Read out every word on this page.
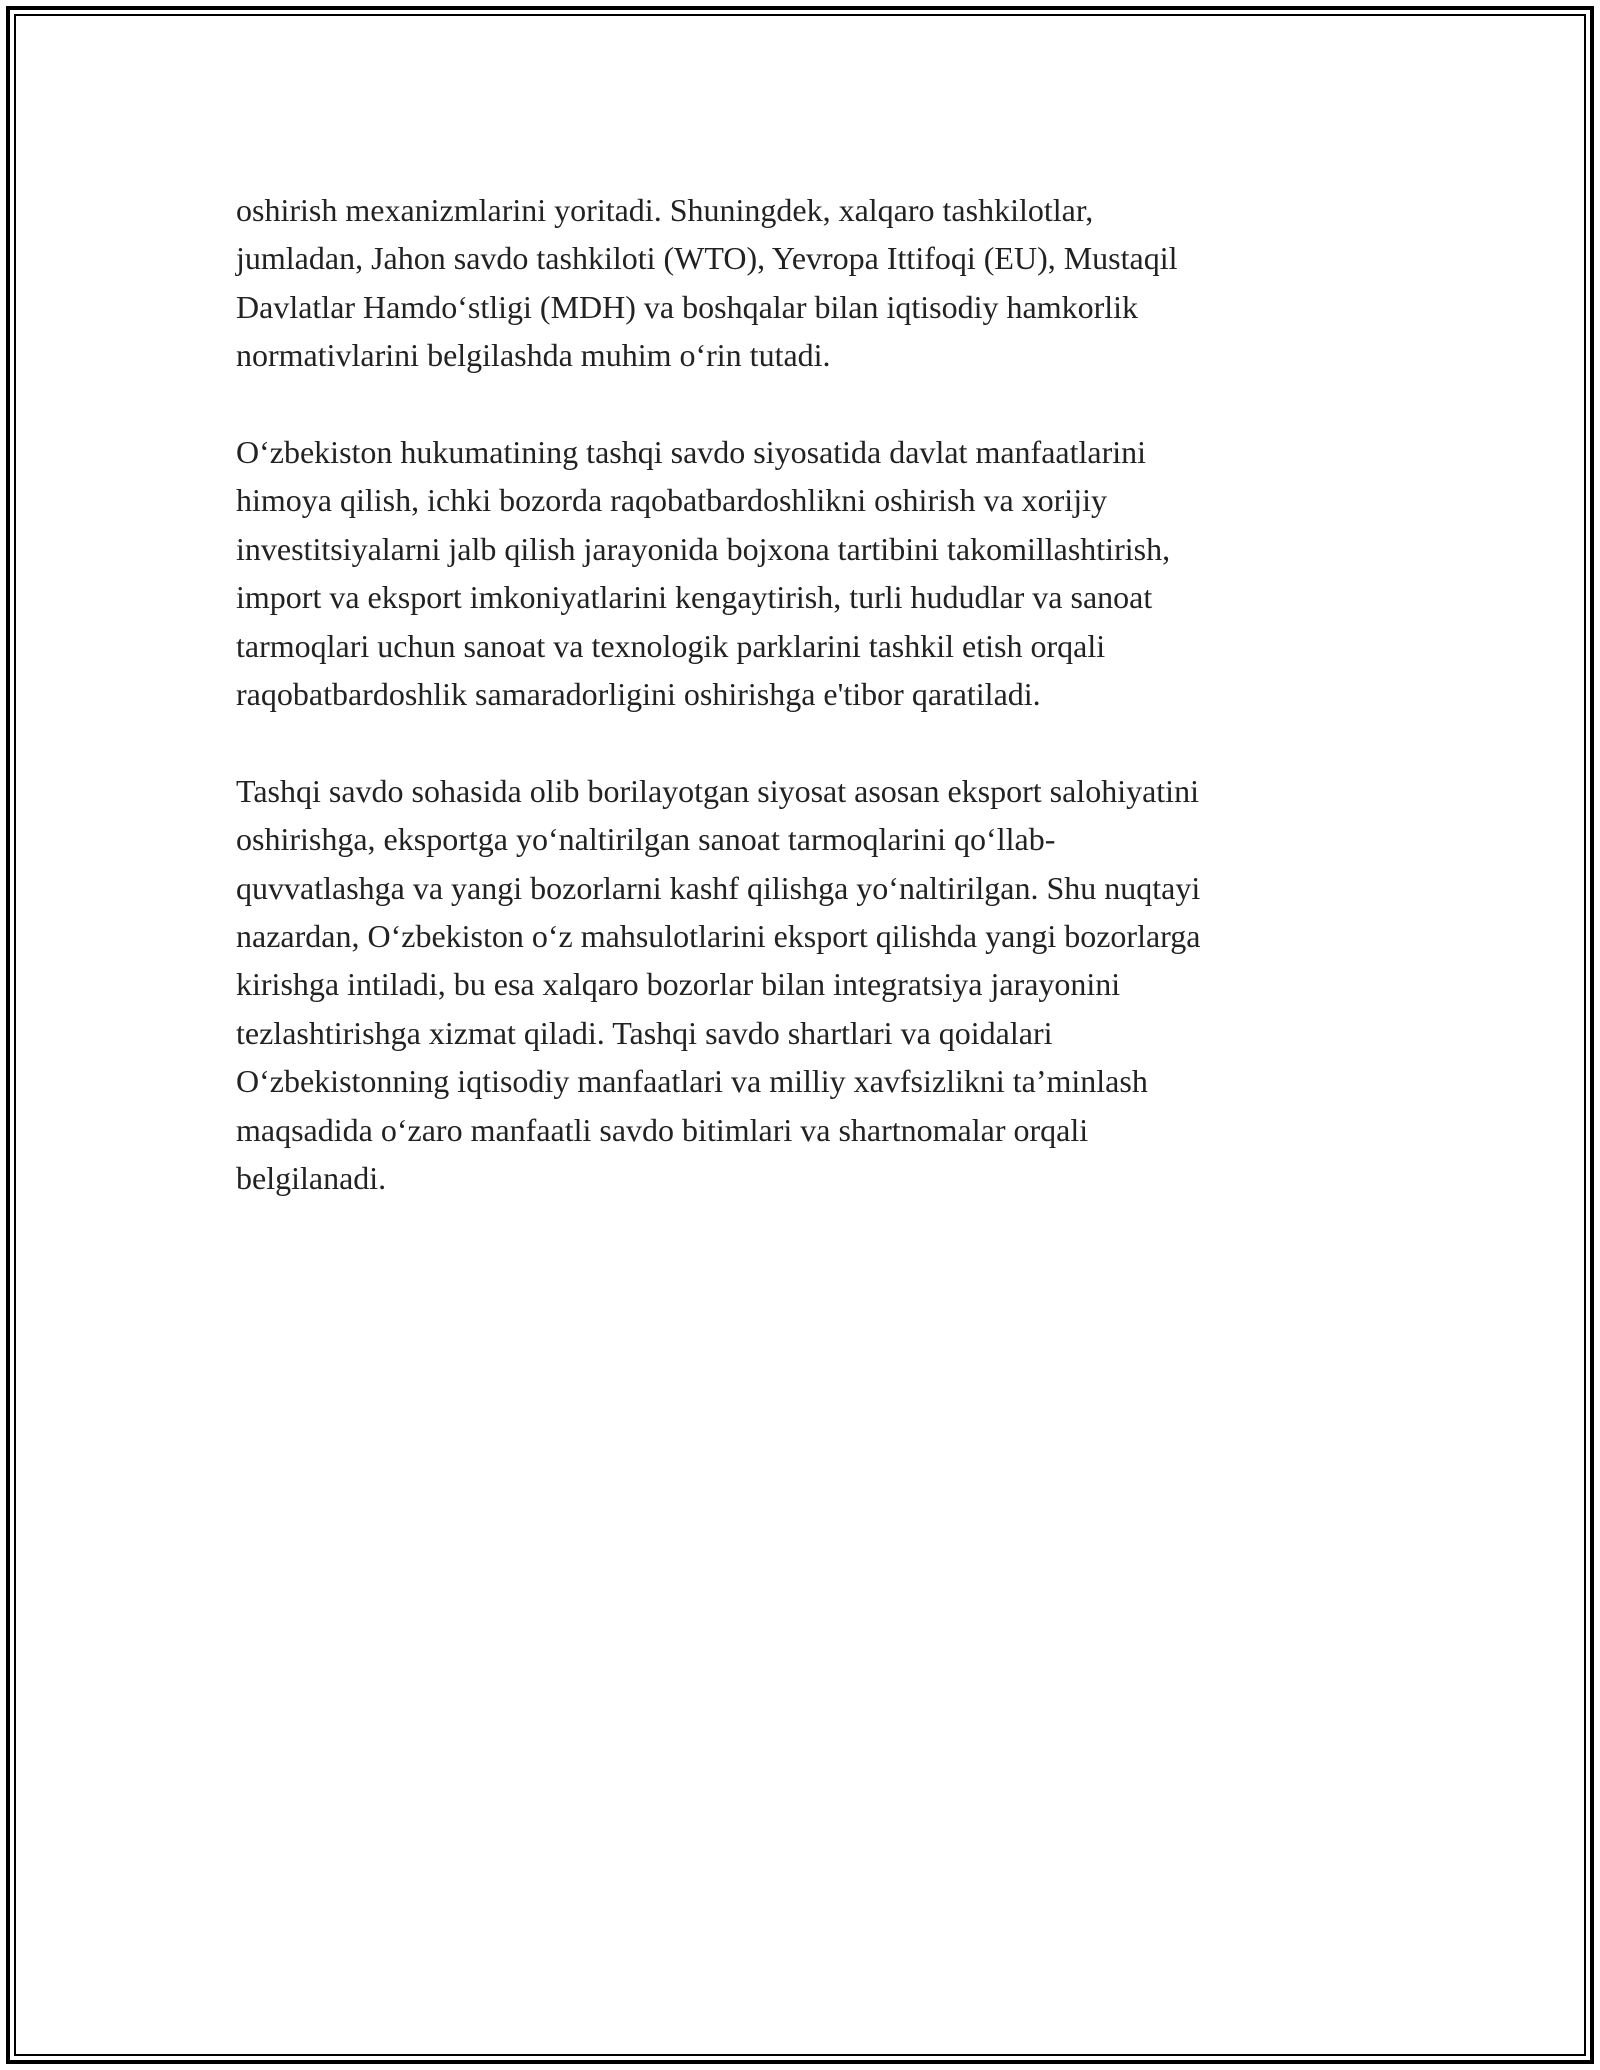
oshirish mexanizmlarini yoritadi. Shuningdek, xalqaro tashkilotlar,
jumladan, Jahon savdo tashkiloti (WTO), Yevropa Ittifoqi (EU), Mustaqil
Davlatlar Hamdo‘stligi (MDH) va boshqalar bilan iqtisodiy hamkorlik
normativlarini belgilashda muhim o‘rin tutadi.

O‘zbekiston hukumatining tashqi savdo siyosatida davlat manfaatlarini
himoya qilish, ichki bozorda raqobatbardoshlikni oshirish va xorijiy
investitsiyalarni jalb qilish jarayonida bojxona tartibini takomillashtirish,
import va eksport imkoniyatlarini kengaytirish, turli hududlar va sanoat
tarmoqlari uchun sanoat va texnologik parklarini tashkil etish orqali
raqobatbardoshlik samaradorligini oshirishga e'tibor qaratiladi.

Tashqi savdo sohasida olib borilayotgan siyosat asosan eksport salohiyatini
oshirishga, eksportga yo‘naltirilgan sanoat tarmoqlarini qo‘llab-
quvvatlashga va yangi bozorlarni kashf qilishga yo‘naltirilgan. Shu nuqtayi
nazardan, O‘zbekiston o‘z mahsulotlarini eksport qilishda yangi bozorlarga
kirishga intiladi, bu esa xalqaro bozorlar bilan integratsiya jarayonini
tezlashtirishga xizmat qiladi. Tashqi savdo shartlari va qoidalari
O‘zbekistonning iqtisodiy manfaatlari va milliy xavfsizlikni ta’minlash
maqsadida o‘zaro manfaatli savdo bitimlari va shartnomalar orqali
belgilanadi.
